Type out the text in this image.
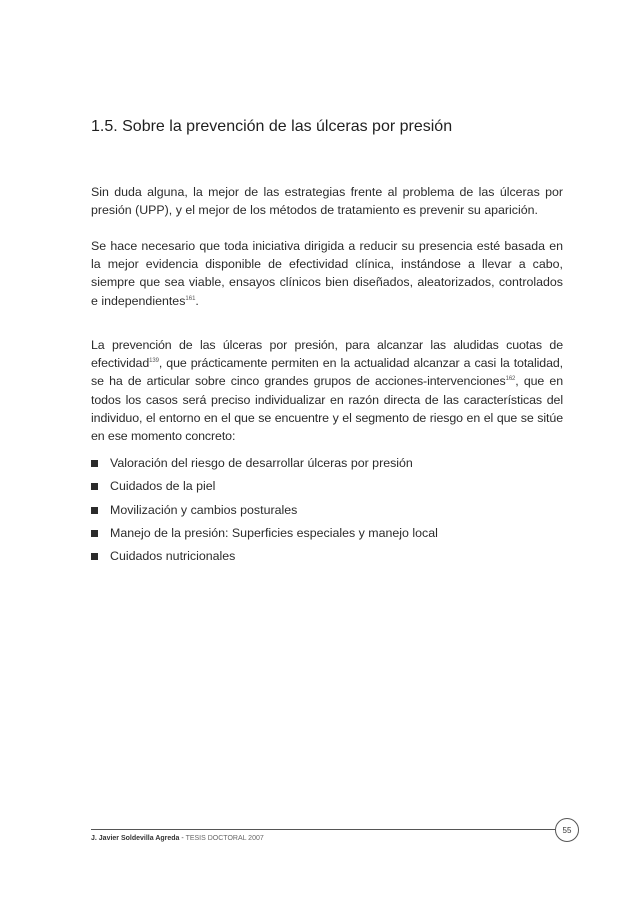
1.5. Sobre la prevención de las úlceras por presión

Sin duda alguna, la mejor de las estrategias frente al problema de las úlceras por presión (UPP), y el mejor de los métodos de tratamiento es prevenir su aparición.

Se hace necesario que toda iniciativa dirigida a reducir su presencia esté basada en la mejor evidencia disponible de efectividad clínica, instándose a llevar a cabo, siempre que sea viable, ensayos clínicos bien diseñados, aleatorizados, controlados e independientes$^{161}$.

La prevención de las úlceras por presión, para alcanzar las aludidas cuotas de efectividad$^{139}$, que prácticamente permiten en la actualidad alcanzar a casi la totalidad, se ha de articular sobre cinco grandes grupos de acciones-intervenciones$^{162}$, que en todos los casos será preciso individualizar en razón directa de las características del individuo, el entorno en el que se encuentre y el segmento de riesgo en el que se sitúe en ese momento concreto:

Valoración del riesgo de desarrollar úlceras por presión
Cuidados de la piel
Movilización y cambios posturales
Manejo de la presión: Superficies especiales y manejo local
Cuidados nutricionales
J. Javier Soldevilla Agreda - TESIS DOCTORAL 2007
55
